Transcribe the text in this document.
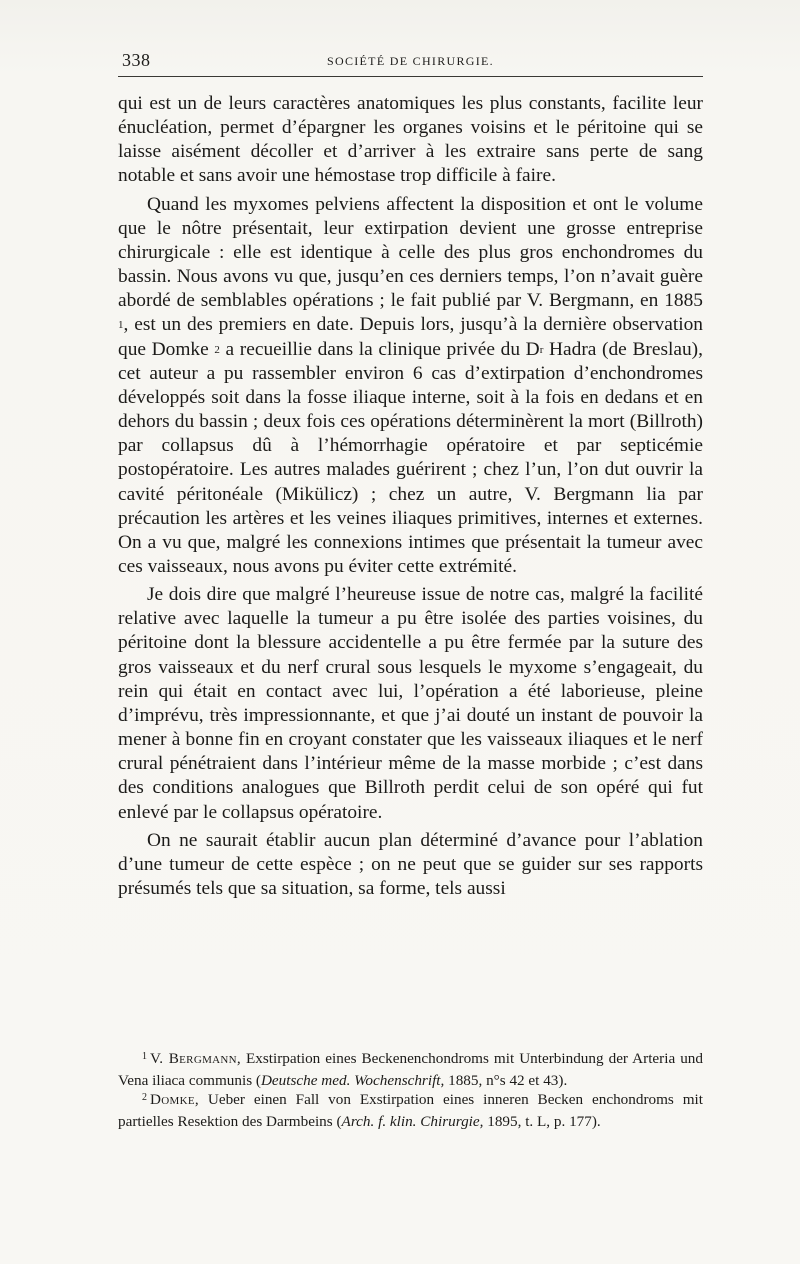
338	SOCIÉTÉ DE CHIRURGIE.

qui est un de leurs caractères anatomiques les plus constants, facilite leur énucléation, permet d’épargner les organes voisins et le péritoine qui se laisse aisément décoller et d’arriver à les extraire sans perte de sang notable et sans avoir une hémostase trop difficile à faire.

Quand les myxomes pelviens affectent la disposition et ont le volume que le nôtre présentait, leur extirpation devient une grosse entreprise chirurgicale : elle est identique à celle des plus gros enchondromes du bassin. Nous avons vu que, jusqu’en ces derniers temps, l’on n’avait guère abordé de semblables opérations ; le fait publié par V. Bergmann, en 1885 $^1$, est un des premiers en date. Depuis lors, jusqu’à la dernière observation que Domke $^2$ a recueillie dans la clinique privée du $D^r$ Hadra (de Breslau), cet auteur a pu rassembler environ 6 cas d’extirpation d’enchondromes développés soit dans la fosse iliaque interne, soit à la fois en dedans et en dehors du bassin ; deux fois ces opérations déterminèrent la mort (Billroth) par collapsus dû à l’hémorrhagie opératoire et par septicémie postopératoire. Les autres malades guérirent ; chez l’un, l’on dut ouvrir la cavité péritonéale (Mikülicz) ; chez un autre, V. Bergmann lia par précaution les artères et les veines iliaques primitives, internes et externes. On a vu que, malgré les connexions intimes que présentait la tumeur avec ces vaisseaux, nous avons pu éviter cette extrémité.

Je dois dire que malgré l’heureuse issue de notre cas, malgré la facilité relative avec laquelle la tumeur a pu être isolée des parties voisines, du péritoine dont la blessure accidentelle a pu être fermée par la suture des gros vaisseaux et du nerf crural sous lesquels le myxome s’engageait, du rein qui était en contact avec lui, l’opération a été laborieuse, pleine d’imprévu, très impressionnante, et que j’ai douté un instant de pouvoir la mener à bonne fin en croyant constater que les vaisseaux iliaques et le nerf crural pénétraient dans l’intérieur même de la masse morbide ; c’est dans des conditions analogues que Billroth perdit celui de son opéré qui fut enlevé par le collapsus opératoire.

On ne saurait établir aucun plan déterminé d’avance pour l’ablation d’une tumeur de cette espèce ; on ne peut que se guider sur ses rapports présumés tels que sa situation, sa forme, tels aussi

$^1$ V. Bergmann, Exstirpation eines Beckenenchondroms mit Unterbindung der Arteria und Vena iliaca communis (Deutsche med. Wochenschrift, 1885, n°s 42 et 43).

$^2$ Domke, Ueber einen Fall von Exstirpation eines inneren Becken enchondroms mit partielles Resektion des Darmbeins (Arch. f. klin. Chirurgie, 1895, t. L, p. 177).
